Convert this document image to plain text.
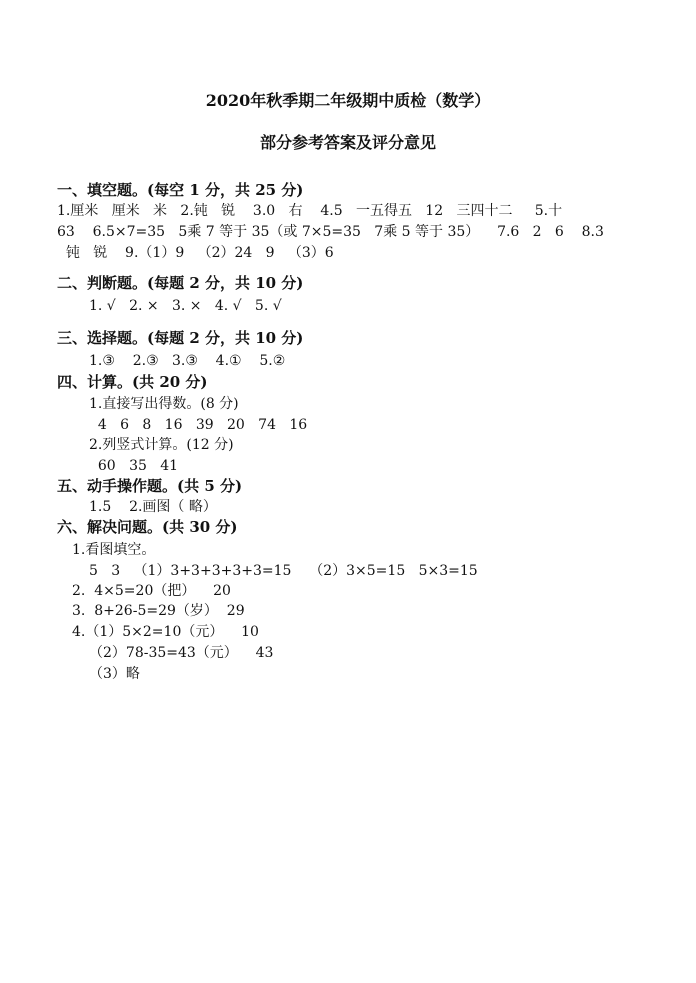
2020年秋季期二年级期中质检（数学）
部分参考答案及评分意见
一、填空题。(每空 1 分，共 25 分)
1.厘米   厘米   米   2.钝   锐    3.0   右    4.5   一五得五   12   三四十二     5.十
63    6.5×7=35   5乘 7 等于 35（或 7×5=35   7乘 5 等于 35）    7.6   2   6    8.3
钝   锐    9.（1）9   （2）24   9   （3）6
二、判断题。(每题 2 分，共 10 分)
1. √   2. ×   3. ×   4. √   5. √
三、选择题。(每题 2 分，共 10 分)
1.③    2.③   3.③    4.①    5.②
四、计算。(共 20 分)
1.直接写出得数。(8 分)
4   6   8   16   39   20   74   16
2.列竖式计算。(12 分)
60   35   41
五、动手操作题。(共 5 分)
1.5    2.画图（ 略）
六、解决问题。(共 30 分)
1.看图填空。
5   3   （1）3+3+3+3+3=15    （2）3×5=15   5×3=15
2.  4×5=20（把）    20
3.  8+26-5=29（岁）  29
4.（1）5×2=10（元）    10
（2）78-35=43（元）    43
（3）略
